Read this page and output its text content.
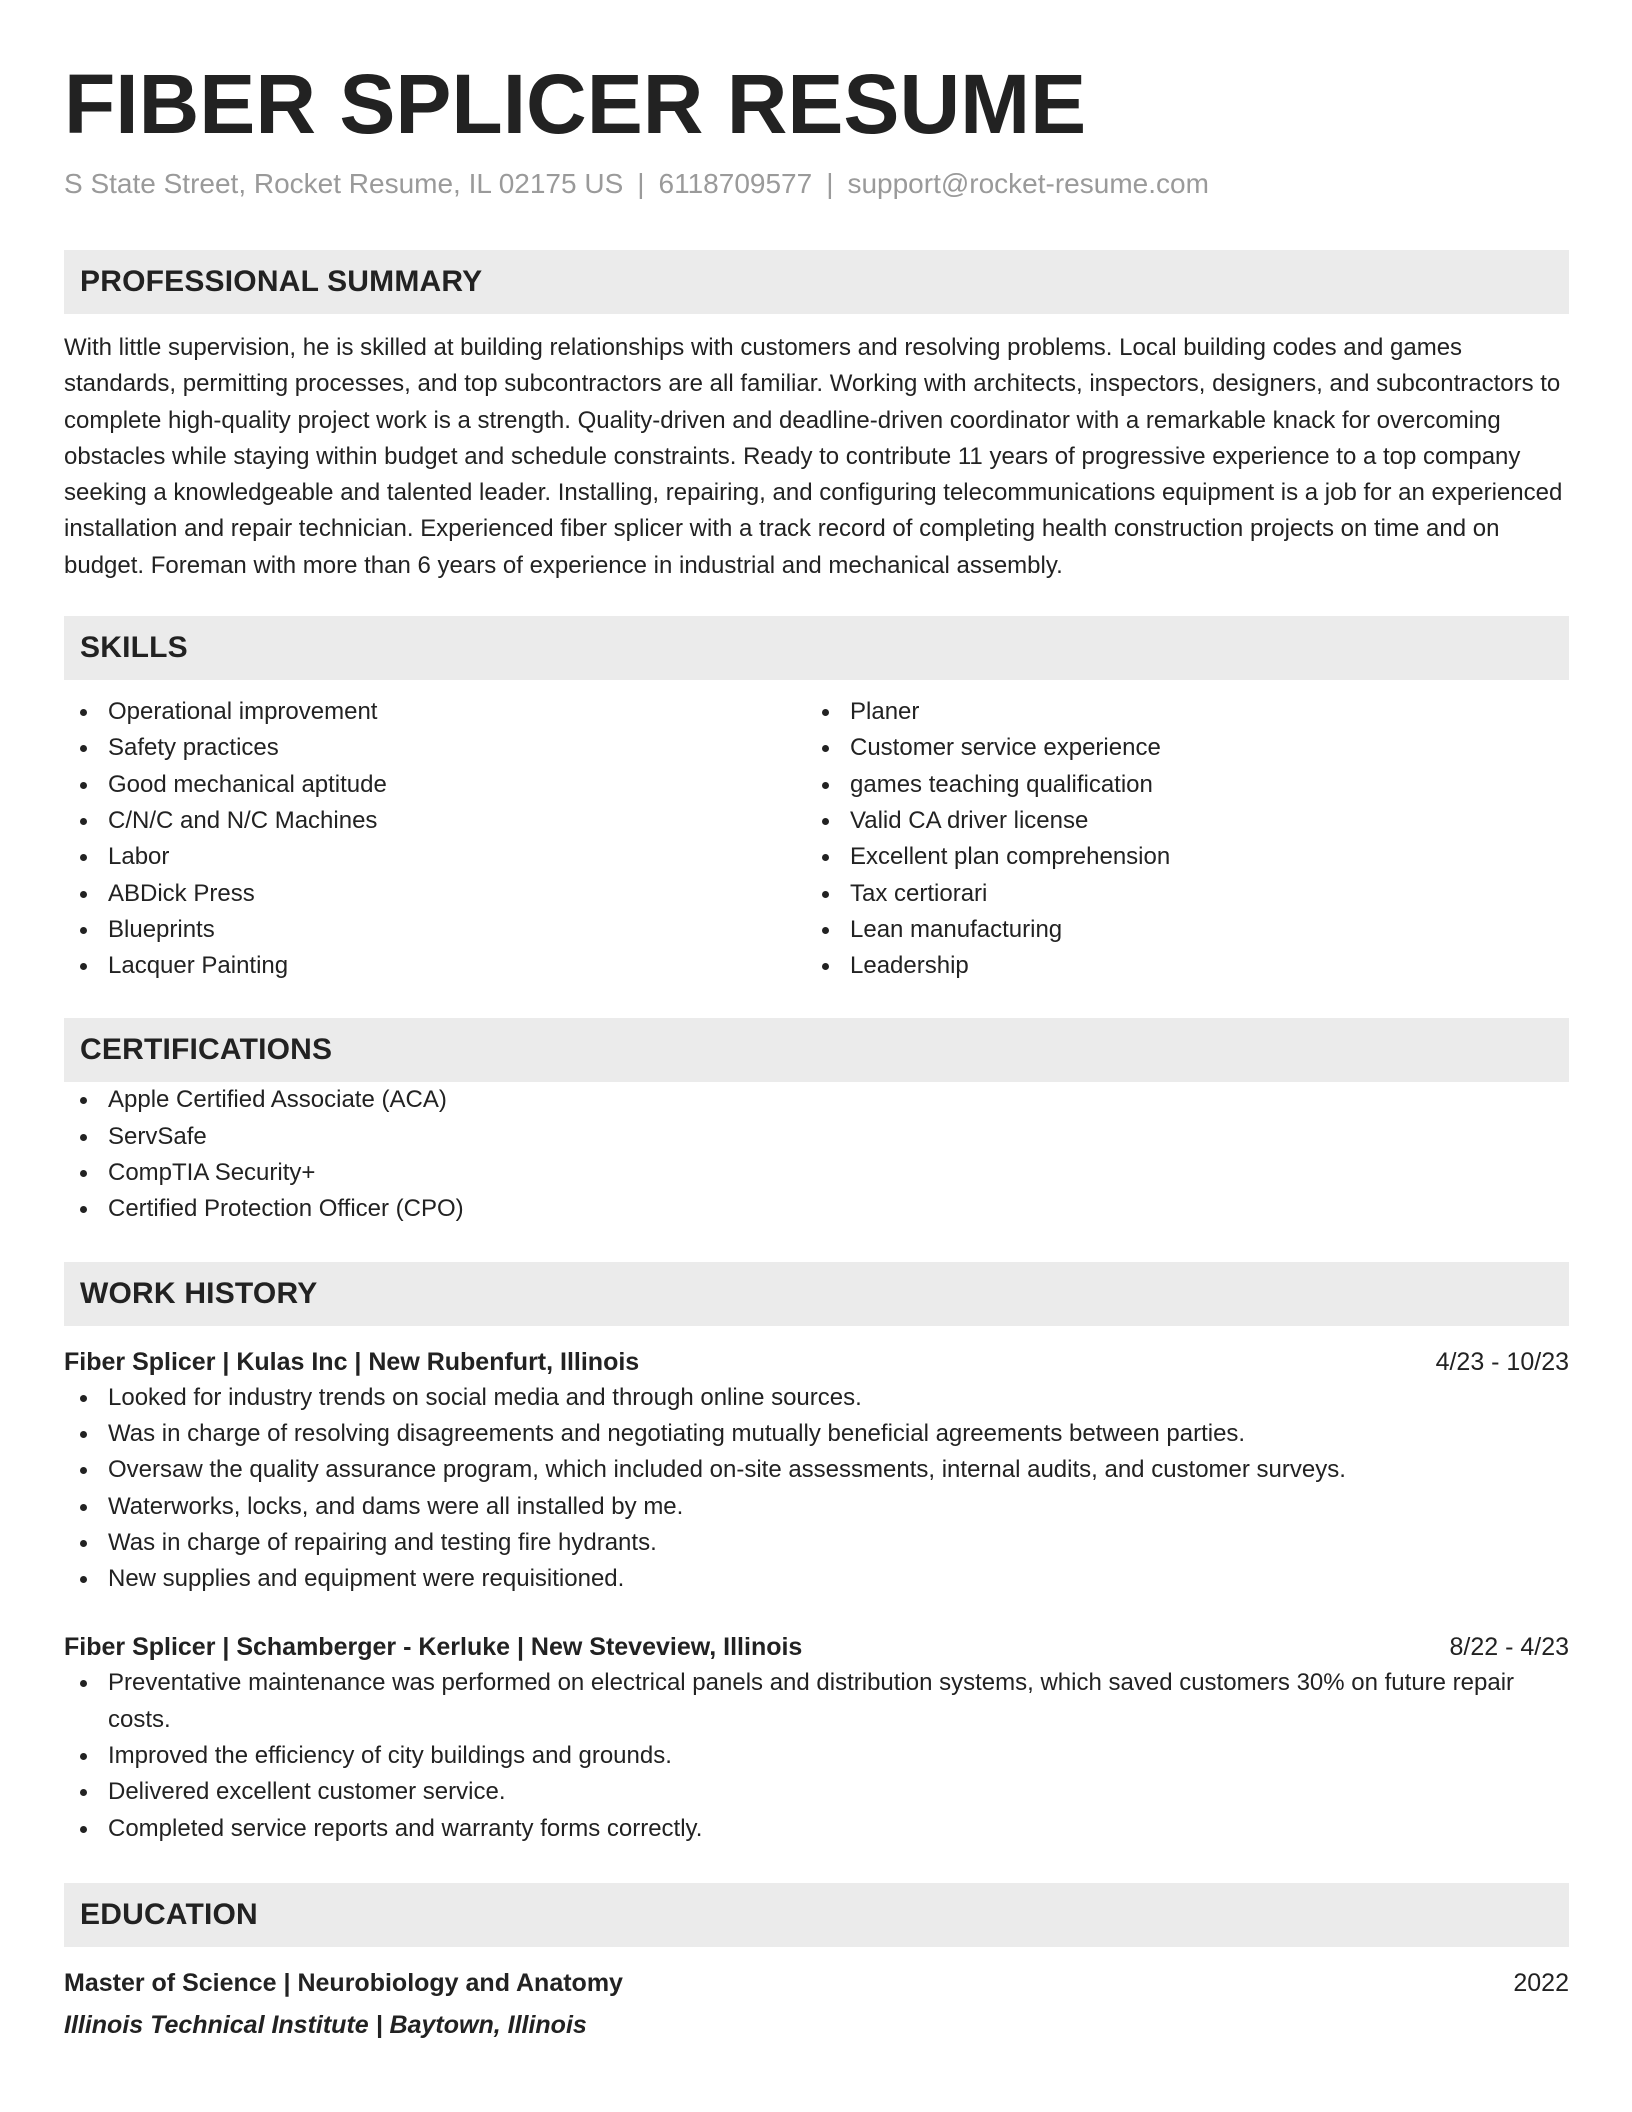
FIBER SPLICER RESUME
S State Street, Rocket Resume, IL 02175 US | 6118709577 | support@rocket-resume.com
PROFESSIONAL SUMMARY

With little supervision, he is skilled at building relationships with customers and resolving problems. Local building codes and games standards, permitting processes, and top subcontractors are all familiar. Working with architects, inspectors, designers, and subcontractors to complete high-quality project work is a strength. Quality-driven and deadline-driven coordinator with a remarkable knack for overcoming obstacles while staying within budget and schedule constraints. Ready to contribute 11 years of progressive experience to a top company seeking a knowledgeable and talented leader. Installing, repairing, and configuring telecommunications equipment is a job for an experienced installation and repair technician. Experienced fiber splicer with a track record of completing health construction projects on time and on budget. Foreman with more than 6 years of experience in industrial and mechanical assembly.

SKILLS
Operational improvement
Safety practices
Good mechanical aptitude
C/N/C and N/C Machines
Labor
ABDick Press
Blueprints
Lacquer Painting
Planer
Customer service experience
games teaching qualification
Valid CA driver license
Excellent plan comprehension
Tax certiorari
Lean manufacturing
Leadership
CERTIFICATIONS
Apple Certified Associate (ACA)
ServSafe
CompTIA Security+
Certified Protection Officer (CPO)
WORK HISTORY
Fiber Splicer | Kulas Inc | New Rubenfurt, Illinois	4/23 - 10/23
Looked for industry trends on social media and through online sources.
Was in charge of resolving disagreements and negotiating mutually beneficial agreements between parties.
Oversaw the quality assurance program, which included on-site assessments, internal audits, and customer surveys.
Waterworks, locks, and dams were all installed by me.
Was in charge of repairing and testing fire hydrants.
New supplies and equipment were requisitioned.
Fiber Splicer | Schamberger - Kerluke | New Steveview, Illinois	8/22 - 4/23
Preventative maintenance was performed on electrical panels and distribution systems, which saved customers 30% on future repair costs.
Improved the efficiency of city buildings and grounds.
Delivered excellent customer service.
Completed service reports and warranty forms correctly.
EDUCATION
Master of Science | Neurobiology and Anatomy	2022
Illinois Technical Institute | Baytown, Illinois
